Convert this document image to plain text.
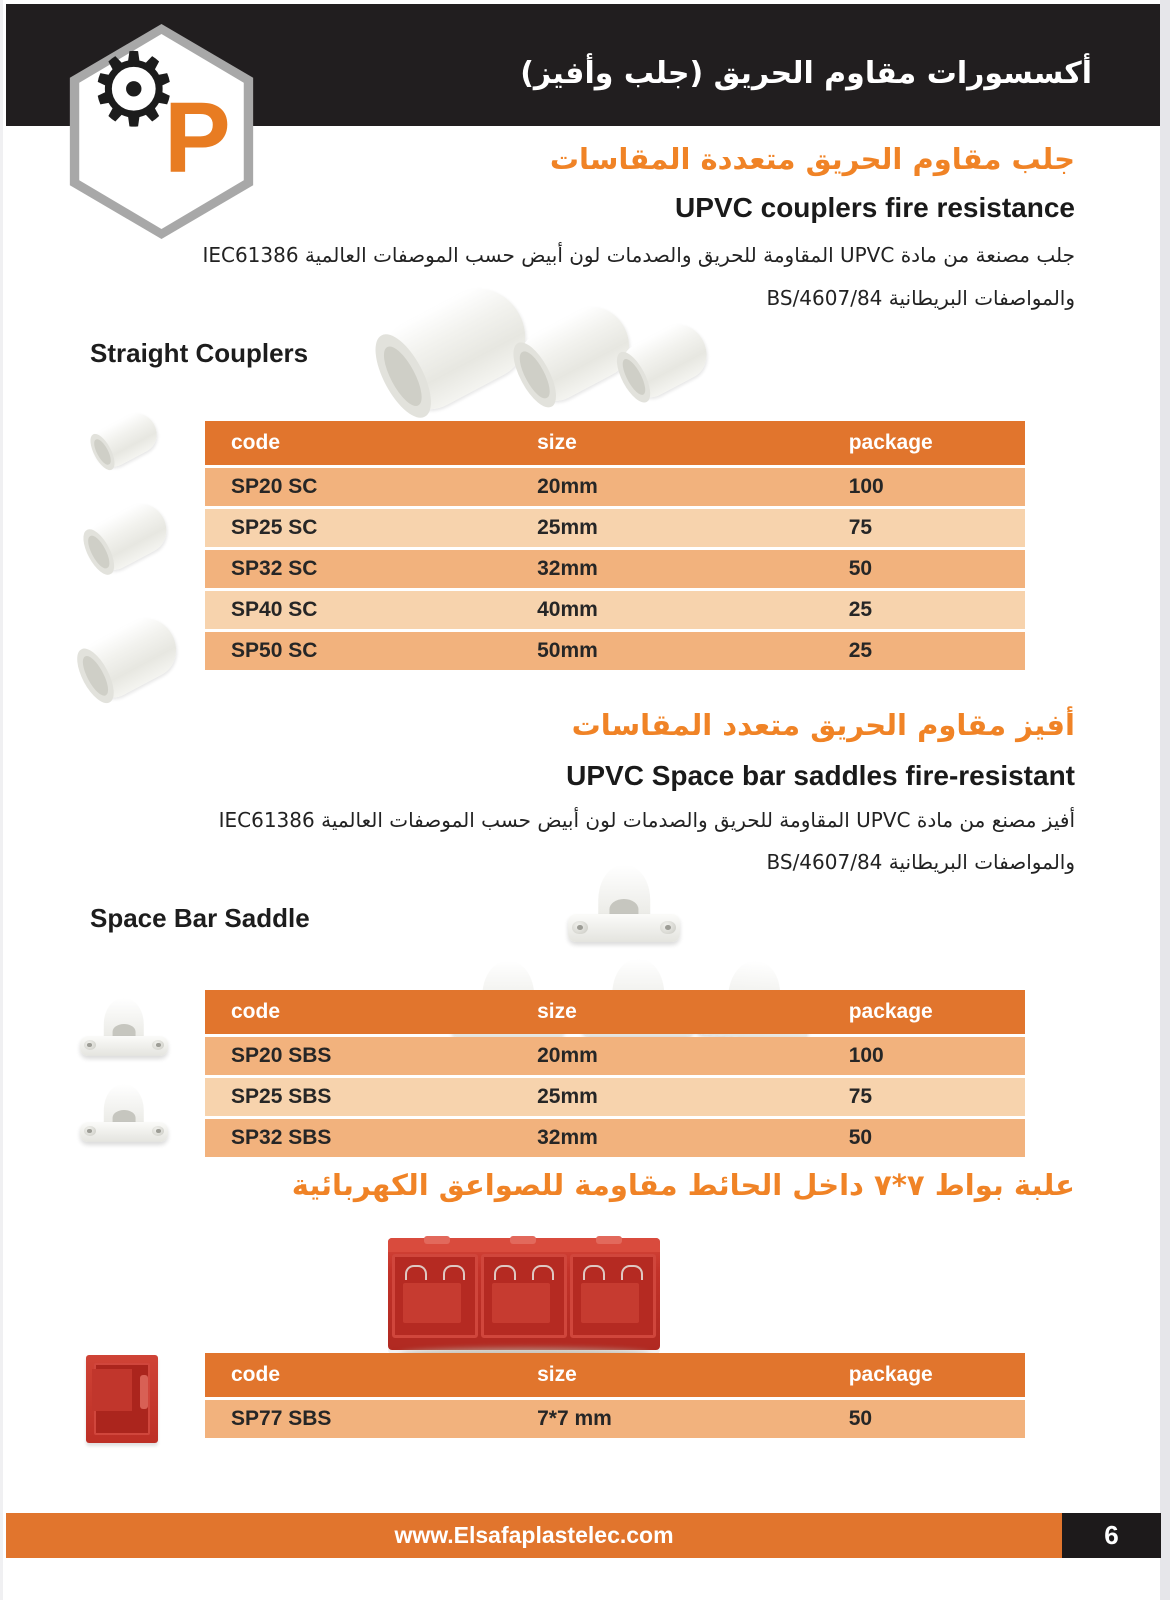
أكسسورات مقاوم الحريق (جلب وأفيز)
⚙
P	جلب مقاوم الحريق متعددة المقاسات
UPVC couplers fire resistance
جلب مصنعة من مادة UPVC المقاومة للحريق والصدمات لون أبيض حسب الموصفات العالمية IEC61386
والمواصفات البريطانية BS/4607/84
Straight Couplers
code	size	package
SP20 SC	20mm	100
SP25 SC	25mm	75
SP32 SC	32mm	50
SP40 SC	40mm	25
SP50 SC	50mm	25
أفيز مقاوم الحريق متعدد المقاسات
UPVC Space bar saddles fire-resistant
أفيز مصنع من مادة UPVC المقاومة للحريق والصدمات لون أبيض حسب الموصفات العالمية IEC61386
والمواصفات البريطانية BS/4607/84
Space Bar Saddle
code	size	package
SP20 SBS	20mm	100
SP25 SBS	25mm	75
SP32 SBS	32mm	50
علبة بواط ٧*٧ داخل الحائط مقاومة للصواعق الكهربائية
code	size	package
SP77 SBS	7*7 mm	50
www.Elsafaplastelec.com	6
